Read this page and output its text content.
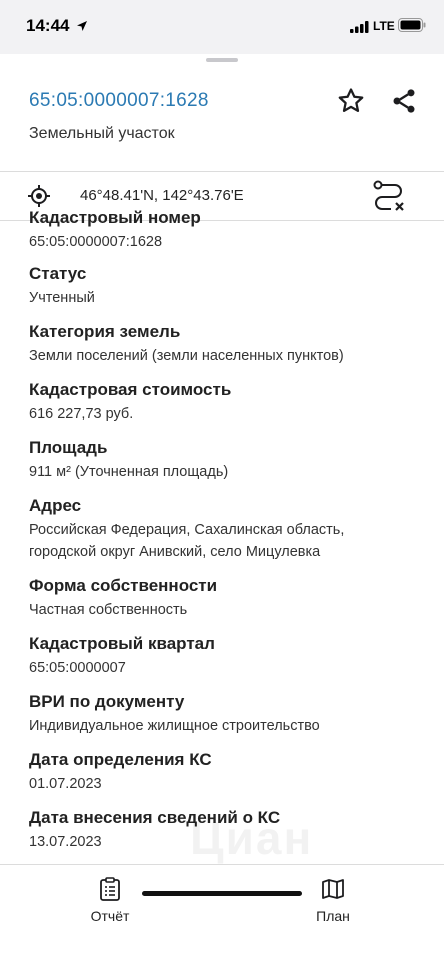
14:44	LTE
65:05:0000007:1628
Земельный участок
46°48.41'N, 142°43.76'E
Кадастровый номер
65:05:0000007:1628
Статус
Учтенный
Категория земель
Земли поселений (земли населенных пунктов)
Кадастровая стоимость
616 227,73 руб.
Площадь
911 м² (Уточненная площадь)
Адрес
Российская Федерация, Сахалинская область, городской округ Анивский, село Мицулевка
Форма собственности
Частная собственность
Кадастровый квартал
65:05:0000007
ВРИ по документу
Индивидуальное жилищное строительство
Дата определения КС
01.07.2023
Дата внесения сведений о КС
13.07.2023	Циан
Отчёт	План
